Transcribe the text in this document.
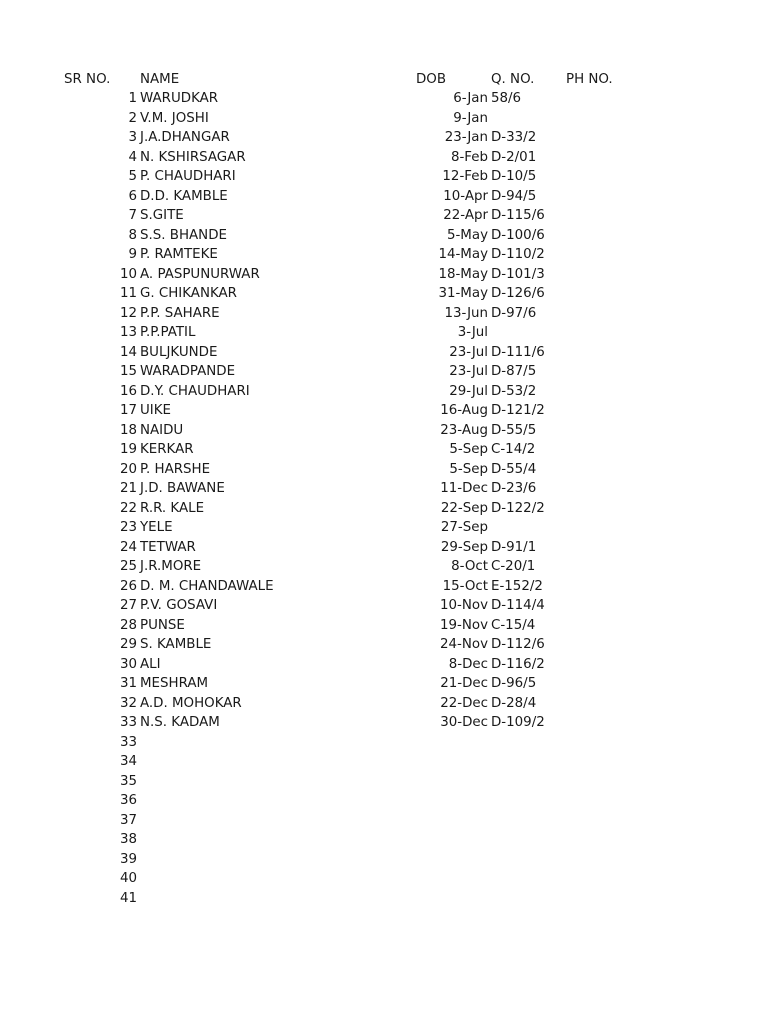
SR NO. NAME	DOB	Q. NO. PH NO.
1 WARUDKAR	6-Jan 58/6
2 V.M. JOSHI	9-Jan
3 J.A.DHANGAR	23-Jan D-33/2
4 N. KSHIRSAGAR	8-Feb D-2/01
5 P. CHAUDHARI	12-Feb D-10/5
6 D.D. KAMBLE	10-Apr D-94/5
7 S.GITE	22-Apr D-115/6
8 S.S. BHANDE	5-May D-100/6
9 P. RAMTEKE	14-May D-110/2
10 A. PASPUNURWAR	18-May D-101/3
11 G. CHIKANKAR	31-May D-126/6
12 P.P. SAHARE	13-Jun D-97/6
13 P.P.PATIL	3-Jul
14 BULJKUNDE	23-Jul D-111/6
15 WARADPANDE	23-Jul D-87/5
16 D.Y. CHAUDHARI	29-Jul D-53/2
17 UIKE	16-Aug D-121/2
18 NAIDU	23-Aug D-55/5
19 KERKAR	5-Sep C-14/2
20 P. HARSHE	5-Sep D-55/4
21 J.D. BAWANE	11-Dec D-23/6
22 R.R. KALE	22-Sep D-122/2
23 YELE	27-Sep
24 TETWAR	29-Sep D-91/1
25 J.R.MORE	8-Oct C-20/1
26 D. M. CHANDAWALE	15-Oct E-152/2
27 P.V. GOSAVI	10-Nov D-114/4
28 PUNSE	19-Nov C-15/4
29 S. KAMBLE	24-Nov D-112/6
30 ALI	8-Dec D-116/2
31 MESHRAM	21-Dec D-96/5
32 A.D. MOHOKAR	22-Dec D-28/4
33 N.S. KADAM	30-Dec D-109/2
33
34
35
36
37
38
39
40
41
